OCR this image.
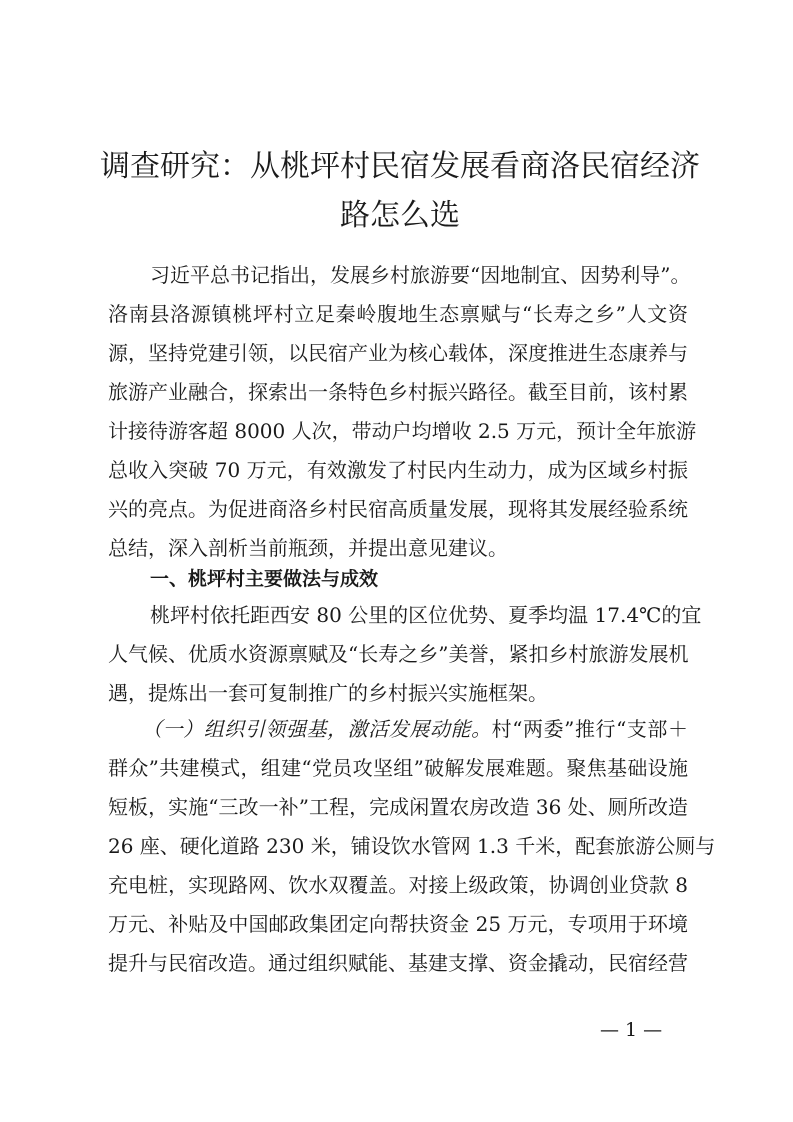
调查研究：从桃坪村民宿发展看商洛民宿经济
路怎么选
习近平总书记指出，发展乡村旅游要“因地制宜、因势利导”。
洛南县洛源镇桃坪村立足秦岭腹地生态禀赋与“长寿之乡”人文资
源，坚持党建引领，以民宿产业为核心载体，深度推进生态康养与
旅游产业融合，探索出一条特色乡村振兴路径。截至目前，该村累
计接待游客超 8000 人次，带动户均增收 2.5 万元，预计全年旅游
总收入突破 70 万元，有效激发了村民内生动力，成为区域乡村振
兴的亮点。为促进商洛乡村民宿高质量发展，现将其发展经验系统
总结，深入剖析当前瓶颈，并提出意见建议。
一、桃坪村主要做法与成效
桃坪村依托距西安 80 公里的区位优势、夏季均温 17.4℃的宜
人气候、优质水资源禀赋及“长寿之乡”美誉，紧扣乡村旅游发展机
遇，提炼出一套可复制推广的乡村振兴实施框架。
（一）组织引领强基，激活发展动能。村“两委”推行“支部＋
群众”共建模式，组建“党员攻坚组”破解发展难题。聚焦基础设施
短板，实施“三改一补”工程，完成闲置农房改造 36 处、厕所改造
26 座、硬化道路 230 米，铺设饮水管网 1.3 千米，配套旅游公厕与
充电桩，实现路网、饮水双覆盖。对接上级政策，协调创业贷款 8
万元、补贴及中国邮政集团定向帮扶资金 25 万元，专项用于环境
提升与民宿改造。通过组织赋能、基建支撑、资金撬动，民宿经营
— 1 —
